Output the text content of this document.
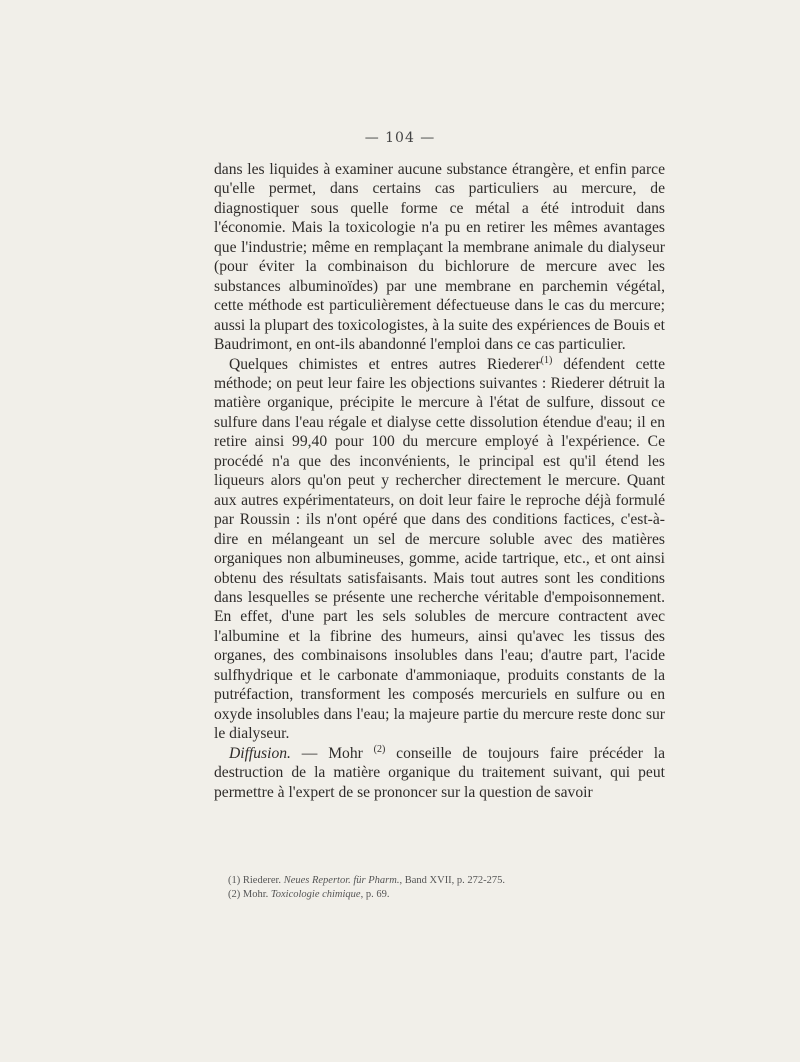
— 104 —

dans les liquides à examiner aucune substance étrangère, et enfin parce qu'elle permet, dans certains cas particuliers au mercure, de diagnostiquer sous quelle forme ce métal a été introduit dans l'économie. Mais la toxicologie n'a pu en retirer les mêmes avantages que l'industrie; même en remplaçant la membrane animale du dialyseur (pour éviter la combinaison du bichlorure de mercure avec les substances albuminoïdes) par une membrane en parchemin végétal, cette méthode est particulièrement défectueuse dans le cas du mercure; aussi la plupart des toxicologistes, à la suite des expériences de Bouis et Baudrimont, en ont-ils abandonné l'emploi dans ce cas particulier.

Quelques chimistes et entres autres Riederer$^{(1)}$ défendent cette méthode; on peut leur faire les objections suivantes : Riederer détruit la matière organique, précipite le mercure à l'état de sulfure, dissout ce sulfure dans l'eau régale et dialyse cette dissolution étendue d'eau; il en retire ainsi 99,40 pour 100 du mercure employé à l'expérience. Ce procédé n'a que des inconvénients, le principal est qu'il étend les liqueurs alors qu'on peut y rechercher directement le mercure. Quant aux autres expérimentateurs, on doit leur faire le reproche déjà formulé par Roussin : ils n'ont opéré que dans des conditions factices, c'est-à-dire en mélangeant un sel de mercure soluble avec des matières organiques non albumineuses, gomme, acide tartrique, etc., et ont ainsi obtenu des résultats satisfaisants. Mais tout autres sont les conditions dans lesquelles se présente une recherche véritable d'empoisonnement. En effet, d'une part les sels solubles de mercure contractent avec l'albumine et la fibrine des humeurs, ainsi qu'avec les tissus des organes, des combinaisons insolubles dans l'eau; d'autre part, l'acide sulfhydrique et le carbonate d'ammoniaque, produits constants de la putréfaction, transforment les composés mercuriels en sulfure ou en oxyde insolubles dans l'eau; la majeure partie du mercure reste donc sur le dialyseur.

Diffusion. — Mohr $^{(2)}$ conseille de toujours faire précéder la destruction de la matière organique du traitement suivant, qui peut permettre à l'expert de se prononcer sur la question de savoir

(1) Riederer. Neues Repertor. für Pharm., Band XVII, p. 272-275.
(2) Mohr. Toxicologie chimique, p. 69.
